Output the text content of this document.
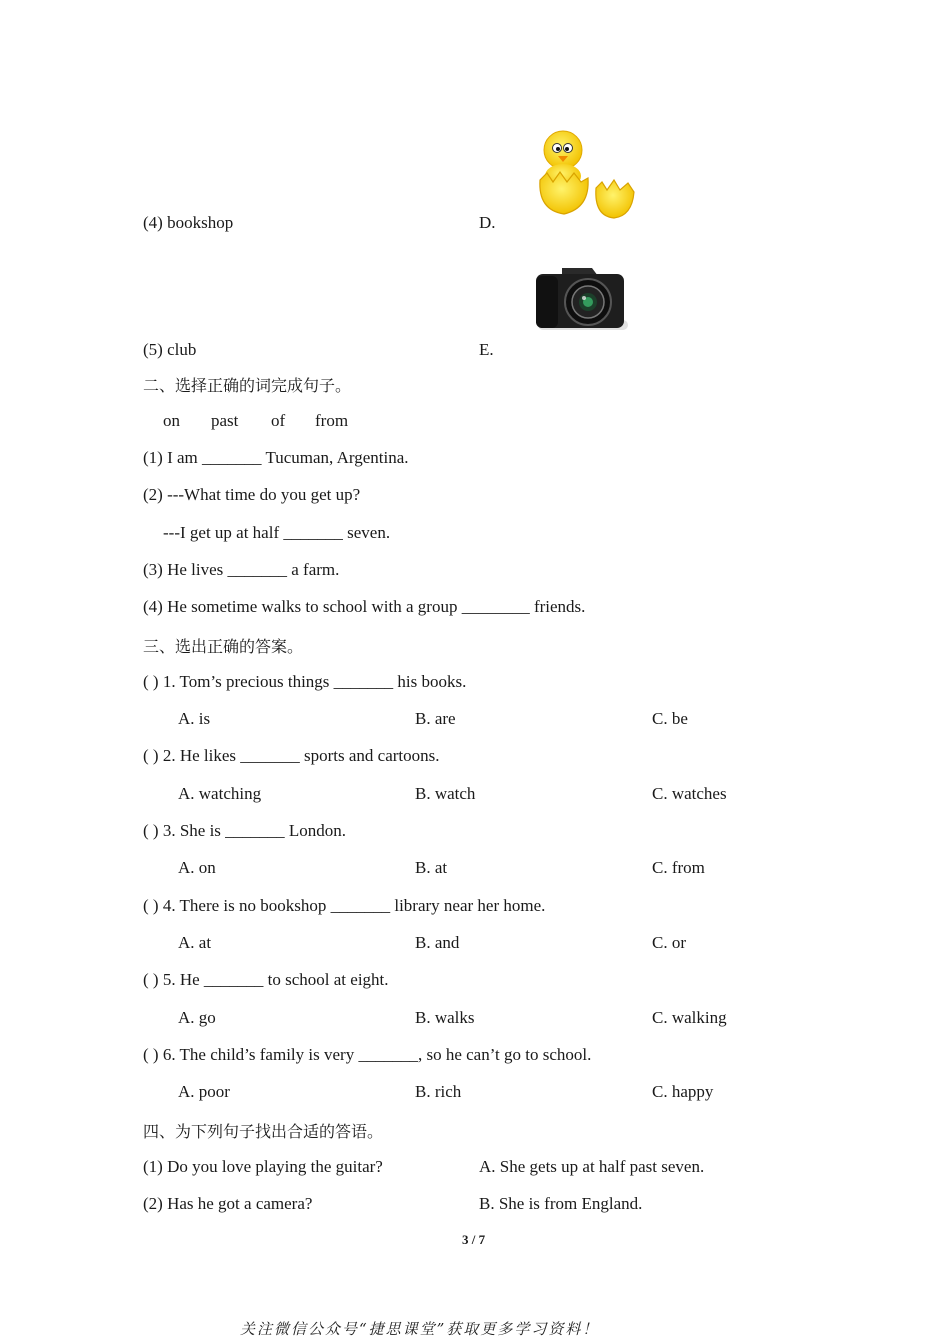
(4) bookshop	D.
(5) club	E.
二、选择正确的词完成句子。
on past of from
(1) I am _______ Tucuman, Argentina.
(2) ---What time do you get up?
---I get up at half _______ seven.
(3) He lives _______ a farm.
(4) He sometime walks to school with a group ________ friends.
三、选出正确的答案。
( ) 1. Tom’s precious things _______ his books.
A. is	B. are	C. be
( ) 2. He likes _______ sports and cartoons.
A. watching	B. watch	C. watches
( ) 3. She is _______ London.
A. on	B. at	C. from
( ) 4. There is no bookshop _______ library near her home.
A. at	B. and	C. or
( ) 5. He _______ to school at eight.
A. go	B. walks	C. walking
( ) 6. The child’s family is very _______, so he can’t go to school.
A. poor	B. rich	C. happy
四、为下列句子找出合适的答语。
(1) Do you love playing the guitar?	A. She gets up at half past seven.
(2) Has he got a camera?	B. She is from England.
3 / 7
关注微信公众号“捷思课堂”获取更多学习资料！
